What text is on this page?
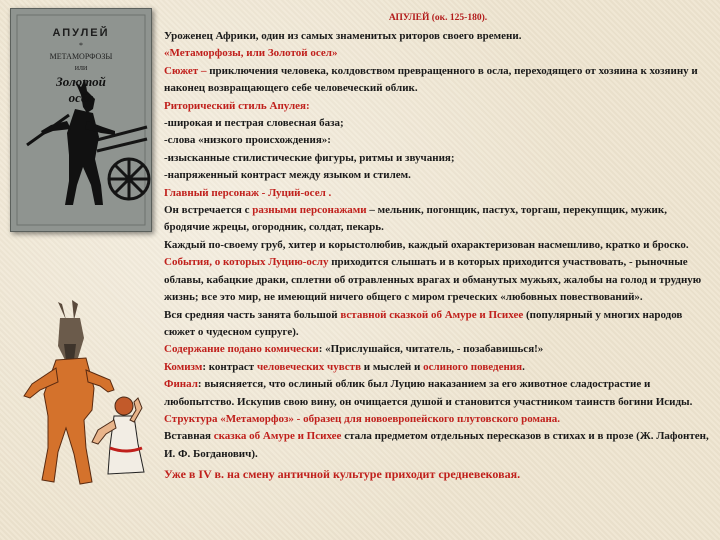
АПУЛЕЙ
*
МЕТАМОРФОЗЫ
или
Золотой
осёл

АПУЛЕЙ (ок. 125-180).

Уроженец Африки, один из самых знаменитых риторов своего времени.

«Метаморфозы, или Золотой осел»

Сюжет – приключения человека, колдовством превращенного в осла, переходящего от хозяина к хозяину и наконец возвращающего себе человеческий облик.

Риторический стиль Апулея:

-широкая и пестрая словесная база;

-слова «низкого происхождения»:

-изысканные стилистические фигуры, ритмы и звучания;

-напряженный контраст между языком и стилем.

Главный персонаж - Луций-осел .

Он встречается с разными персонажами – мельник, погонщик, пастух, торгаш, перекупщик, мужик, бродячие жрецы, огородник, солдат, пекарь.

Каждый по-своему груб, хитер и корыстолюбив, каждый охарактеризован насмешливо, кратко и броско.

События, о которых Луцию-ослу приходится слышать и в которых приходится участвовать, - рыночные облавы, кабацкие драки, сплетни об отравленных врагах и обманутых мужьях, жалобы на голод и трудную жизнь; все это мир, не имеющий ничего общего с миром греческих «любовных повествований».

Вся средняя часть занята большой вставной сказкой об Амуре и Психее (популярный у многих народов сюжет о чудесном супруге).

Содержание подано комически: «Прислушайся, читатель, - позабавишься!»

Комизм: контраст человеческих чувств и мыслей и ослиного поведения.

Финал: выясняется, что ослиный облик был Луцию наказанием за его животное сладострастие и любопытство. Искупив свою вину, он очищается душой и становится участником таинств богини Исиды.

Структура «Метаморфоз» - образец для новоевропейского плутовского романа.

Вставная сказка об Амуре и Психее стала предметом отдельных пересказов в стихах и в прозе (Ж. Лафонтен, И. Ф. Богданович).

Уже в IV в. на смену античной культуре приходит средневековая.
